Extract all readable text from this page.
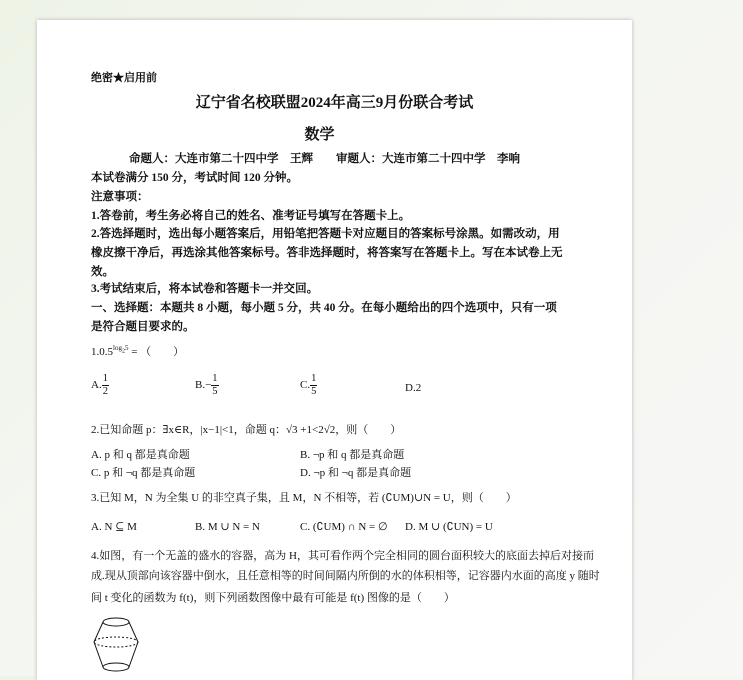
绝密★启用前
辽宁省名校联盟2024年高三9月份联合考试
数学
命题人：大连市第二十四中学　王辉　　审题人：大连市第二十四中学　李响
本试卷满分 150 分，考试时间 120 分钟。
注意事项：
1.答卷前，考生务必将自己的姓名、准考证号填写在答题卡上。
2.答选择题时，选出每小题答案后，用铅笔把答题卡对应题目的答案标号涂黑。如需改动，用
橡皮擦干净后，再选涂其他答案标号。答非选择题时，将答案写在答题卡上。写在本试卷上无
效。
3.考试结束后，将本试卷和答题卡一并交回。
一、选择题：本题共 8 小题，每小题 5 分，共 40 分。在每小题给出的四个选项中，只有一项
是符合题目要求的。
$1.0.5^{log_25}$ = （　　）
A. $\frac{1}{2}$	$B.- \frac{1}{5}$	C. $\frac{1}{5}$	D.2
2.已知命题 p：∃x∈R，|x−1|<1，命题 q：√3 +1<2√2，则（　　）
A. p 和 q 都是真命题	B. ¬p 和 q 都是真命题
C. p 和 ¬q 都是真命题	D. ¬p 和 ¬q 都是真命题
3.已知 M，N 为全集 U 的非空真子集，且 M，N 不相等，若 (∁UM)∪N = U，则（　　）
A. N ⊆ M	B. M ∪ N = N	C. (∁UM) ∩ N = ∅ D. M ∪ (∁UN) = U
4.如图，有一个无盖的盛水的容器，高为 H，其可看作两个完全相同的圆台面积较大的底面去掉后对接而
成.现从顶部向该容器中倒水，且任意相等的时间间隔内所倒的水的体积相等，记容器内水面的高度 y 随时
间 t 变化的函数为 f(t)，则下列函数图像中最有可能是 f(t) 图像的是（　　）
